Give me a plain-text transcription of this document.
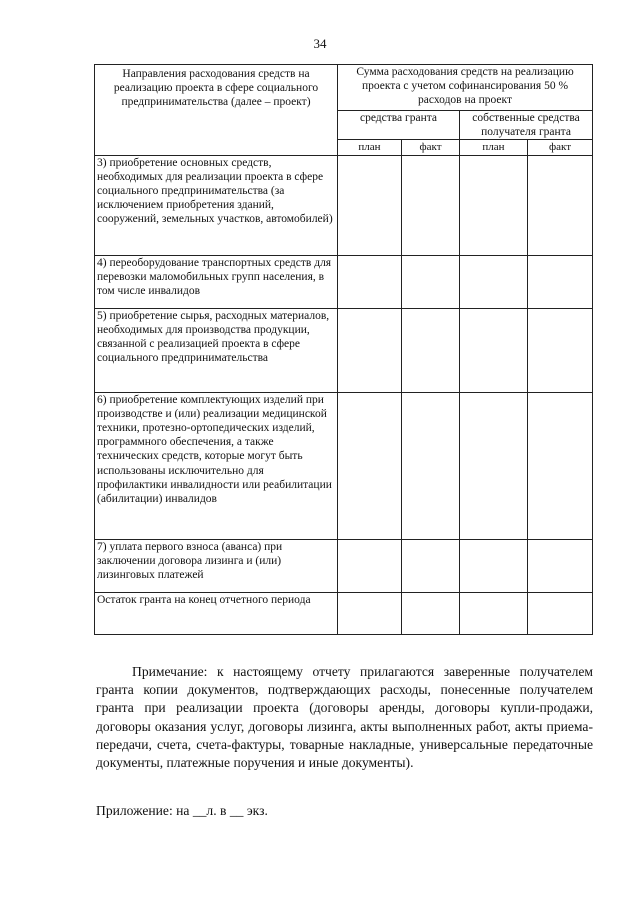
34
Направления расходования средств на реализацию проекта в сфере социального предпринимательства (далее – проект)	Сумма расходования средств на реализацию проекта с учетом софинансирования 50 % расходов на проект			
	средства гранта		собственные средства получателя гранта	
	план	факт	план	факт
3) приобретение основных средств, необходимых для реализации проекта в сфере социального предпринимательства (за исключением приобретения зданий, сооружений, земельных участков, автомобилей)				
4) переоборудование транспортных средств для перевозки маломобильных групп населения, в том числе инвалидов				
5) приобретение сырья, расходных материалов, необходимых для производства продукции, связанной с реализацией проекта в сфере социального предпринимательства				
6) приобретение комплектующих изделий при производстве и (или) реализации медицинской техники, протезно-ортопедических изделий, программного обеспечения, а также технических средств, которые могут быть использованы исключительно для профилактики инвалидности или реабилитации (абилитации) инвалидов				
7) уплата первого взноса (аванса) при заключении договора лизинга и (или) лизинговых платежей				
Остаток гранта на конец отчетного периода				
Примечание: к настоящему отчету прилагаются заверенные получателем гранта копии документов, подтверждающих расходы, понесенные получателем гранта при реализации проекта (договоры аренды, договоры купли-продажи, договоры оказания услуг, договоры лизинга, акты выполненных работ, акты приема-передачи, счета, счета-фактуры, товарные накладные, универсальные передаточные документы, платежные поручения и иные документы).
Приложение: на __л. в __ экз.
